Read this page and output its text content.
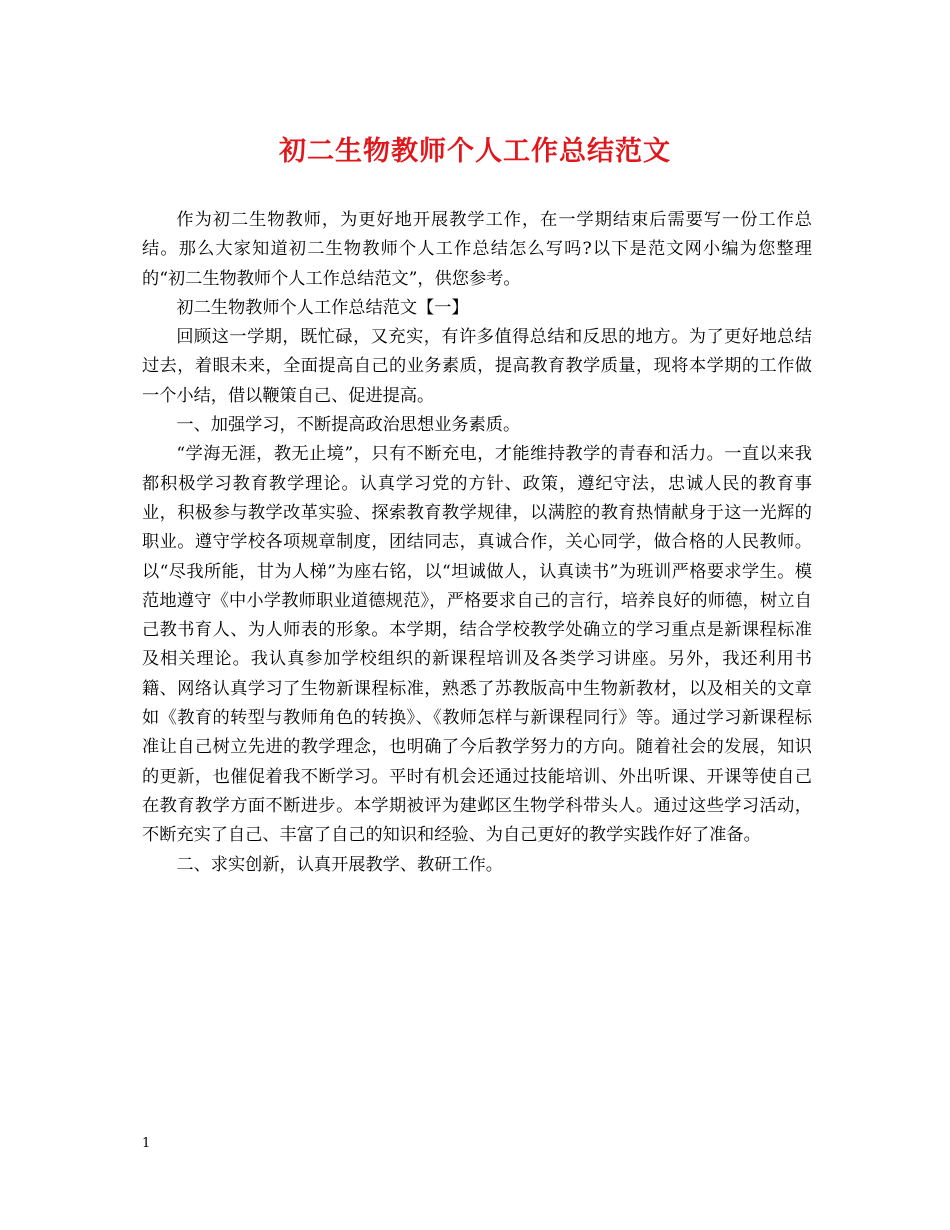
初二生物教师个人工作总结范文

作为初二生物教师，为更好地开展教学工作，在一学期结束后需要写一份工作总结。那么大家知道初二生物教师个人工作总结怎么写吗?以下是范文网小编为您整理的“初二生物教师个人工作总结范文”，供您参考。

初二生物教师个人工作总结范文【一】

回顾这一学期，既忙碌，又充实，有许多值得总结和反思的地方。为了更好地总结过去，着眼未来，全面提高自己的业务素质，提高教育教学质量，现将本学期的工作做一个小结，借以鞭策自己、促进提高。

一、加强学习，不断提高政治思想业务素质。

“学海无涯，教无止境”，只有不断充电，才能维持教学的青春和活力。一直以来我都积极学习教育教学理论。认真学习党的方针、政策，遵纪守法，忠诚人民的教育事业，积极参与教学改革实验、探索教育教学规律，以满腔的教育热情献身于这一光辉的职业。遵守学校各项规章制度，团结同志，真诚合作，关心同学，做合格的人民教师。以“尽我所能，甘为人梯”为座右铭，以“坦诚做人，认真读书”为班训严格要求学生。模范地遵守《中小学教师职业道德规范》，严格要求自己的言行，培养良好的师德，树立自己教书育人、为人师表的形象。本学期，结合学校教学处确立的学习重点是新课程标准及相关理论。我认真参加学校组织的新课程培训及各类学习讲座。另外，我还利用书籍、网络认真学习了生物新课程标准，熟悉了苏教版高中生物新教材，以及相关的文章如《教育的转型与教师角色的转换》、《教师怎样与新课程同行》等。通过学习新课程标准让自己树立先进的教学理念，也明确了今后教学努力的方向。随着社会的发展，知识的更新，也催促着我不断学习。平时有机会还通过技能培训、外出听课、开课等使自己在教育教学方面不断进步。本学期被评为建邺区生物学科带头人。通过这些学习活动，不断充实了自己、丰富了自己的知识和经验、为自己更好的教学实践作好了准备。

二、求实创新，认真开展教学、教研工作。

1
